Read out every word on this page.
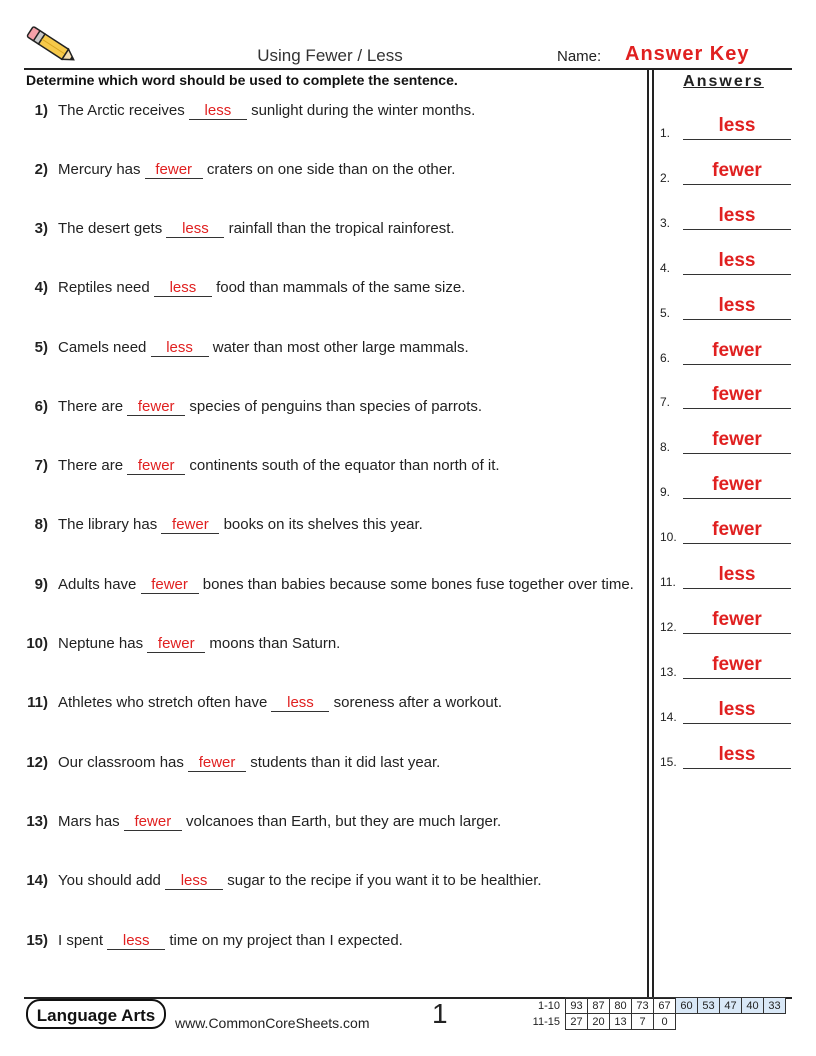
Using Fewer / Less	Name: Answer Key
Determine which word should be used to complete the sentence.	Answers
1) The Arctic receives less sunlight during the winter months.
2) Mercury has fewer craters on one side than on the other.
3) The desert gets less rainfall than the tropical rainforest.
4) Reptiles need less food than mammals of the same size.
5) Camels need less water than most other large mammals.
6) There are fewer species of penguins than species of parrots.
7) There are fewer continents south of the equator than north of it.
8) The library has fewer books on its shelves this year.
9) Adults have fewer bones than babies because some bones fuse together over time.
10) Neptune has fewer moons than Saturn.
11) Athletes who stretch often have less soreness after a workout.
12) Our classroom has fewer students than it did last year.
13) Mars has fewer volcanoes than Earth, but they are much larger.
14) You should add less sugar to the recipe if you want it to be healthier.
15) I spent less time on my project than I expected.
1.	less
2.	fewer
3.	less
4.	less
5.	less
6.	fewer
7.	fewer
8.	fewer
9.	fewer
10.	fewer
11.	less
12.	fewer
13.	fewer
14.	less
15.	less
Language Arts	www.CommonCoreSheets.com 1	1-10	93	87	80	73	67	60	53	47	40	33
11-15	27	20	13	7	0					
